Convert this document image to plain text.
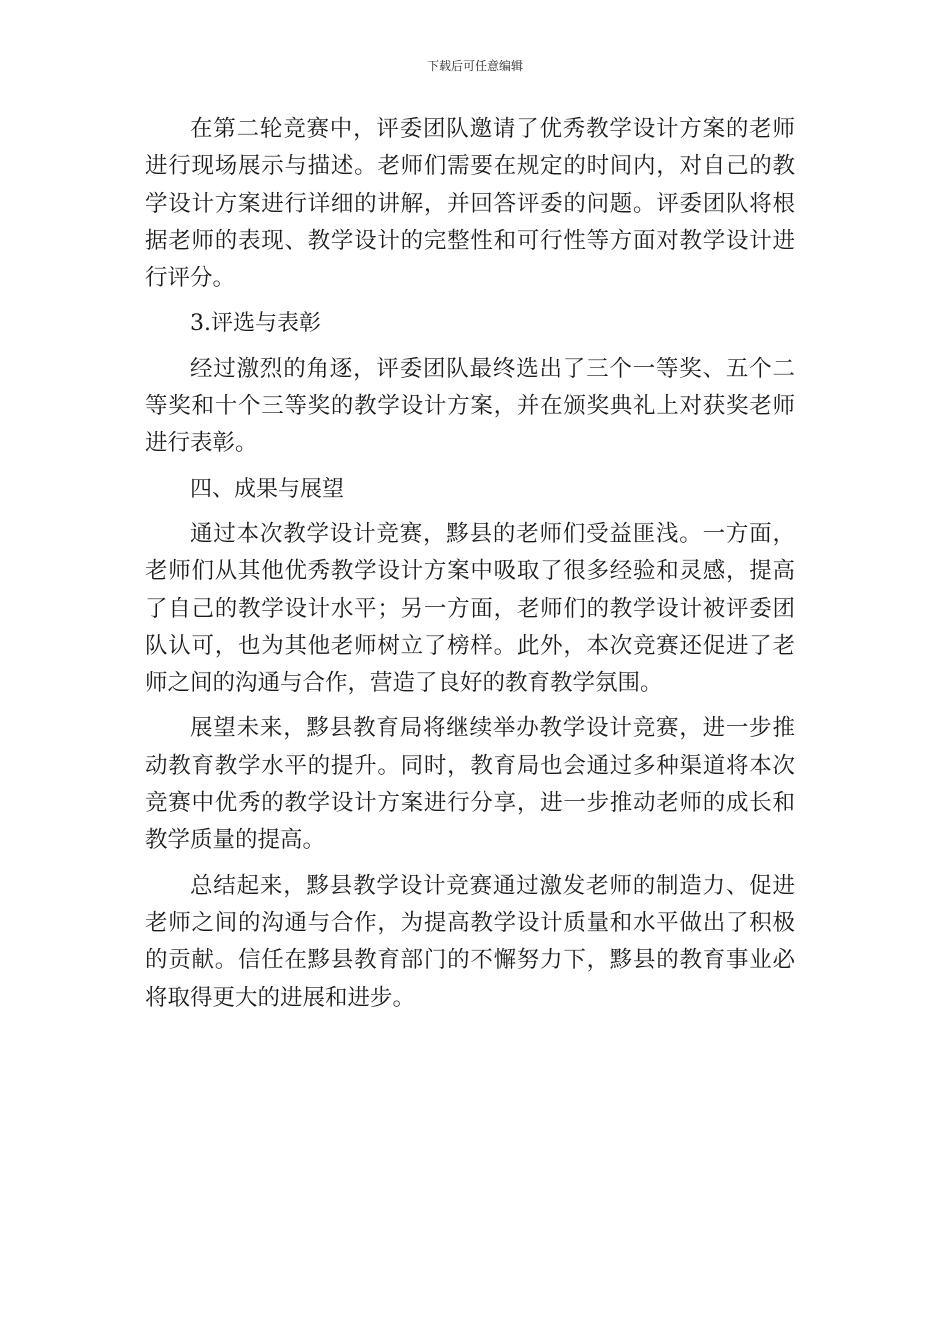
下载后可任意编辑

在第二轮竞赛中，评委团队邀请了优秀教学设计方案的老师进行现场展示与描述。老师们需要在规定的时间内，对自己的教学设计方案进行详细的讲解，并回答评委的问题。评委团队将根据老师的表现、教学设计的完整性和可行性等方面对教学设计进行评分。

3.评选与表彰

经过激烈的角逐，评委团队最终选出了三个一等奖、五个二等奖和十个三等奖的教学设计方案，并在颁奖典礼上对获奖老师进行表彰。

四、成果与展望

通过本次教学设计竞赛，黟县的老师们受益匪浅。一方面，老师们从其他优秀教学设计方案中吸取了很多经验和灵感，提高了自己的教学设计水平；另一方面，老师们的教学设计被评委团队认可，也为其他老师树立了榜样。此外，本次竞赛还促进了老师之间的沟通与合作，营造了良好的教育教学氛围。

展望未来，黟县教育局将继续举办教学设计竞赛，进一步推动教育教学水平的提升。同时，教育局也会通过多种渠道将本次竞赛中优秀的教学设计方案进行分享，进一步推动老师的成长和教学质量的提高。

总结起来，黟县教学设计竞赛通过激发老师的制造力、促进老师之间的沟通与合作，为提高教学设计质量和水平做出了积极的贡献。信任在黟县教育部门的不懈努力下，黟县的教育事业必将取得更大的进展和进步。
